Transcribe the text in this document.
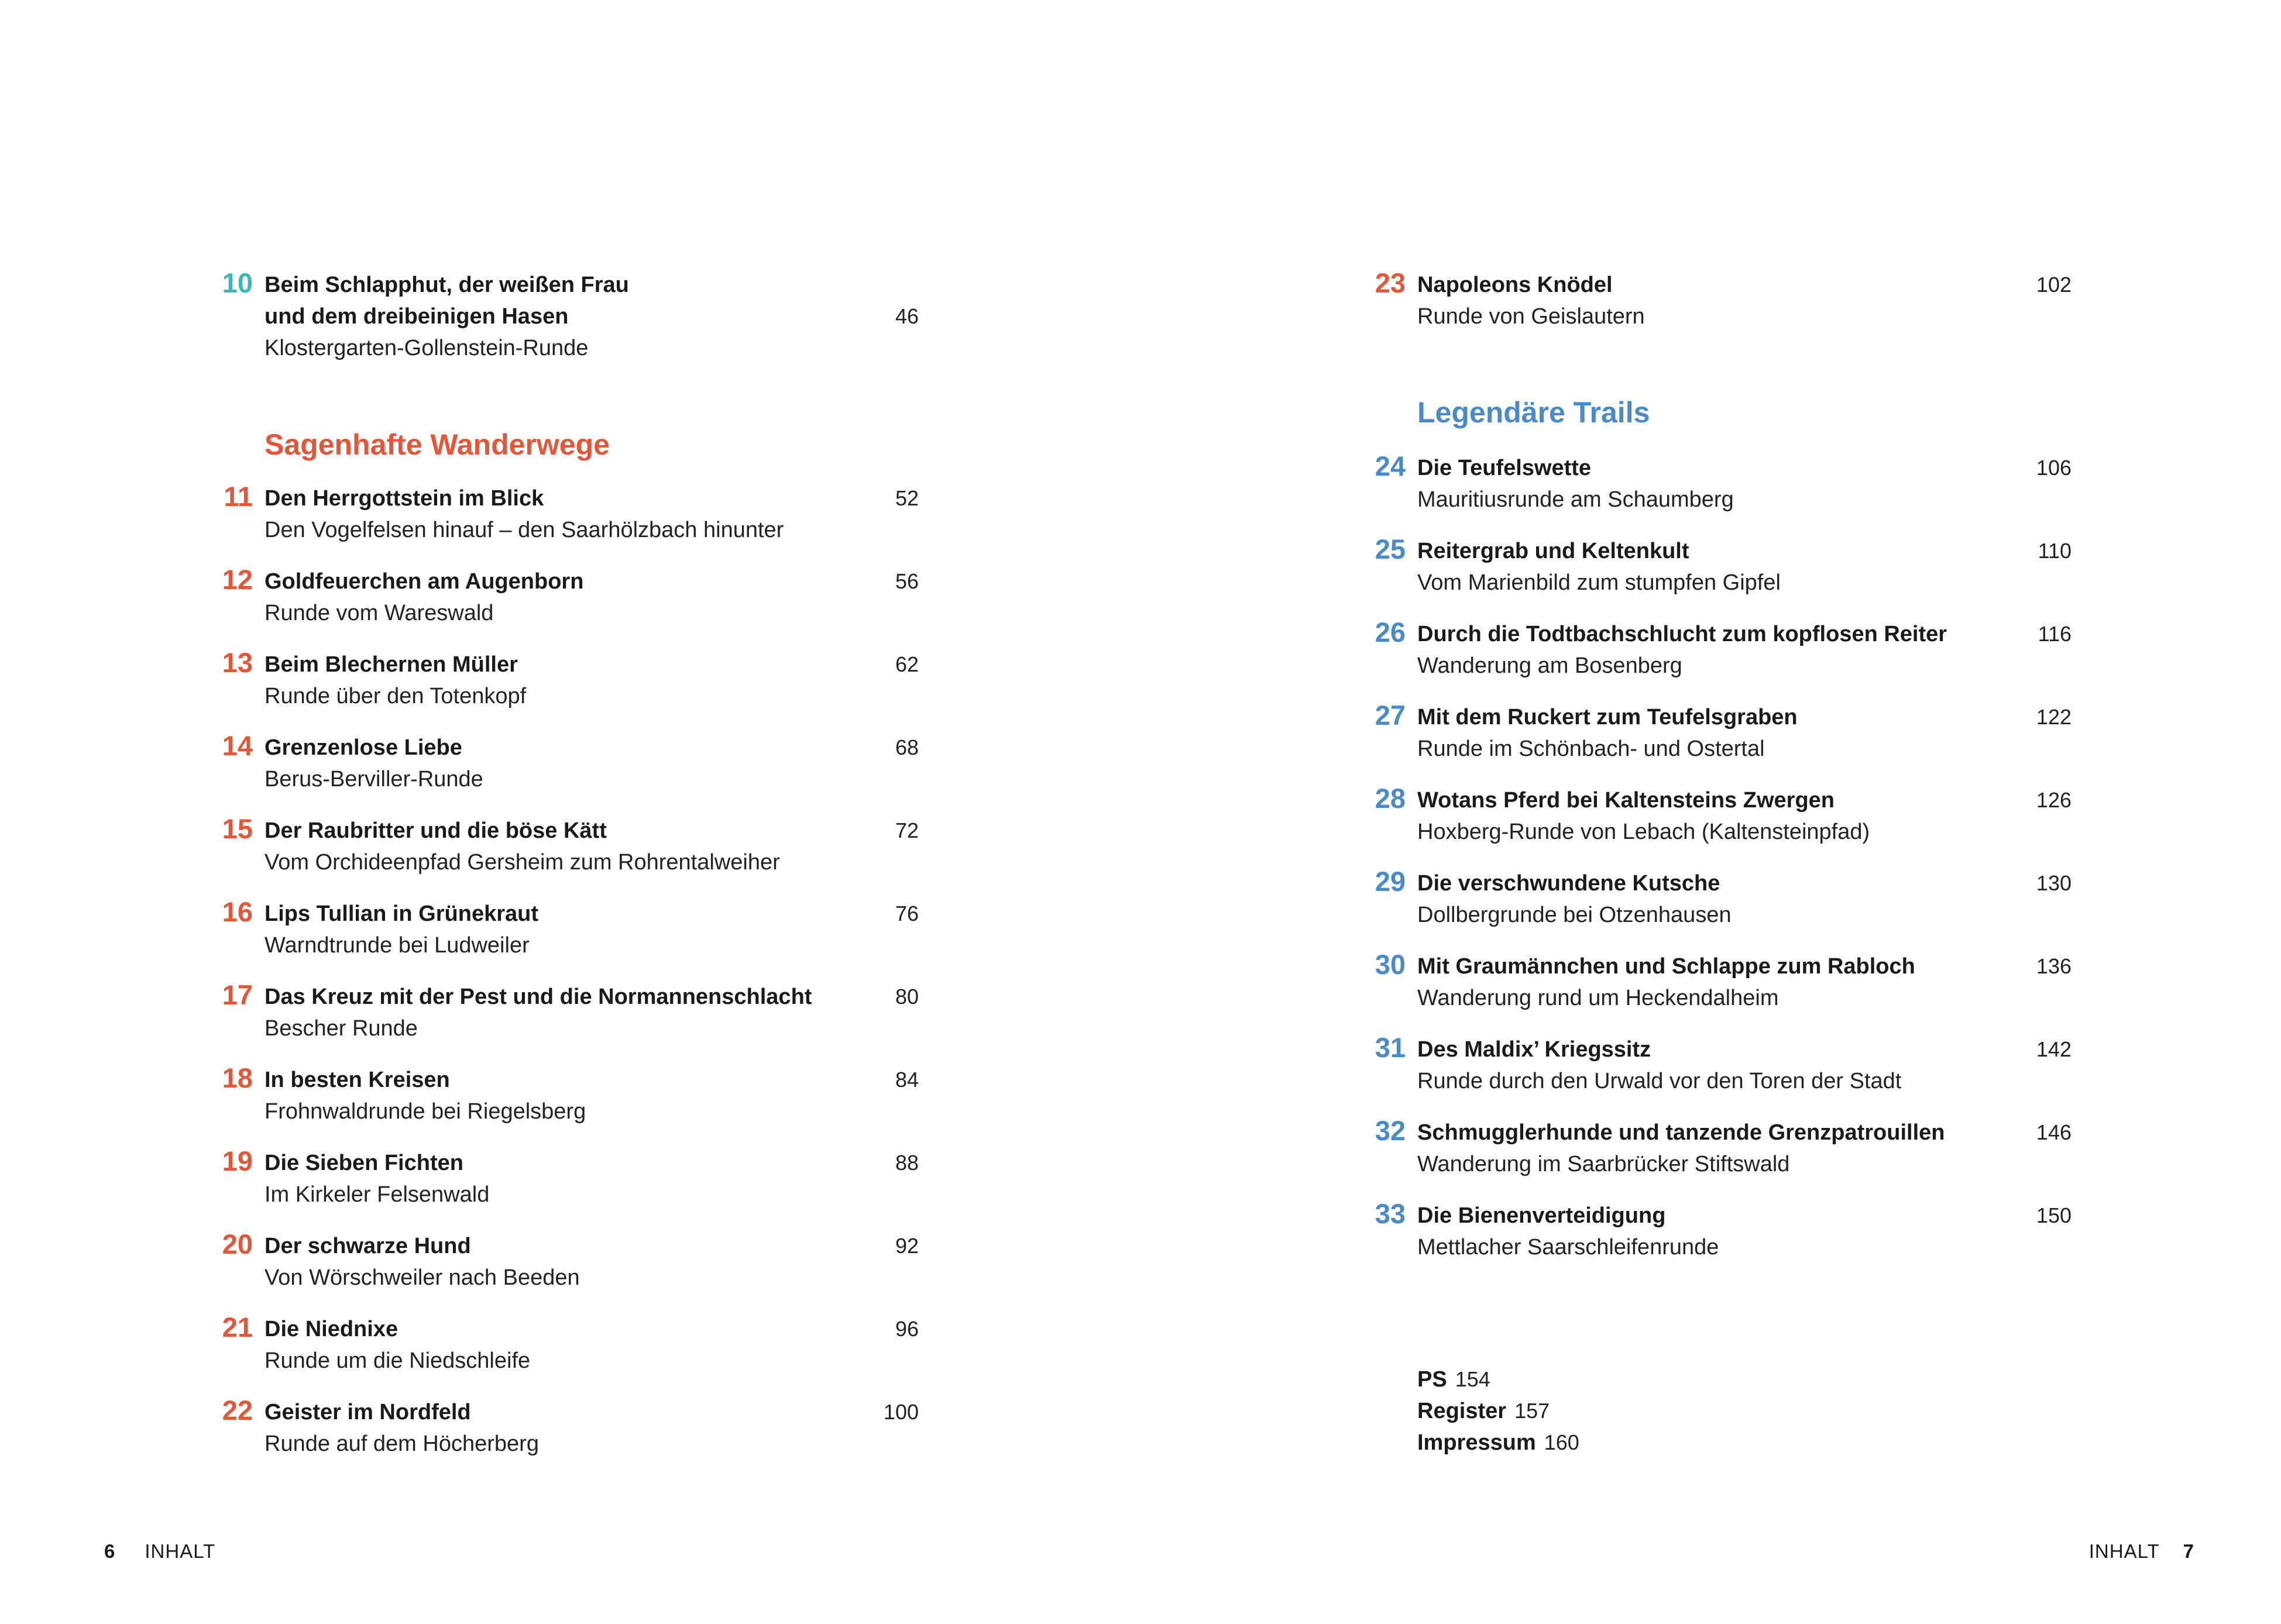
10 Beim Schlapphut, der weißen Frau
und dem dreibeinigen Hasen	46
Klostergarten-Gollenstein-Runde
Sagenhafte Wanderwege
11 Den Herrgottstein im Blick	52
Den Vogelfelsen hinauf – den Saarhölzbach hinunter
12 Goldfeuerchen am Augenborn	56
Runde vom Wareswald
13 Beim Blechernen Müller	62
Runde über den Totenkopf
14 Grenzenlose Liebe	68
Berus-Berviller-Runde
15 Der Raubritter und die böse Kätt	72
Vom Orchideenpfad Gersheim zum Rohrentalweiher
16 Lips Tullian in Grünekraut	76
Warndtrunde bei Ludweiler
17 Das Kreuz mit der Pest und die Normannenschlacht	80
Bescher Runde
18 In besten Kreisen	84
Frohnwaldrunde bei Riegelsberg
19 Die Sieben Fichten	88
Im Kirkeler Felsenwald
20 Der schwarze Hund	92
Von Wörschweiler nach Beeden
21 Die Niednixe	96
Runde um die Niedschleife
22 Geister im Nordfeld	100
Runde auf dem Höcherberg
23 Napoleons Knödel	102
Runde von Geislautern
Legendäre Trails
24 Die Teufelswette	106
Mauritiusrunde am Schaumberg
25 Reitergrab und Keltenkult	110
Vom Marienbild zum stumpfen Gipfel
26 Durch die Todtbachschlucht zum kopflosen Reiter	116
Wanderung am Bosenberg
27 Mit dem Ruckert zum Teufelsgraben	122
Runde im Schönbach- und Ostertal
28 Wotans Pferd bei Kaltensteins Zwergen	126
Hoxberg-Runde von Lebach (Kaltensteinpfad)
29 Die verschwundene Kutsche	130
Dollbergrunde bei Otzenhausen
30 Mit Graumännchen und Schlappe zum Rabloch	136
Wanderung rund um Heckendalheim
31 Des Maldix’ Kriegssitz	142
Runde durch den Urwald vor den Toren der Stadt
32 Schmugglerhunde und tanzende Grenzpatrouillen	146
Wanderung im Saarbrücker Stiftswald
33 Die Bienenverteidigung	150
Mettlacher Saarschleifenrunde
PS 154
Register 157
Impressum 160
6 INHALT	INHALT 7
